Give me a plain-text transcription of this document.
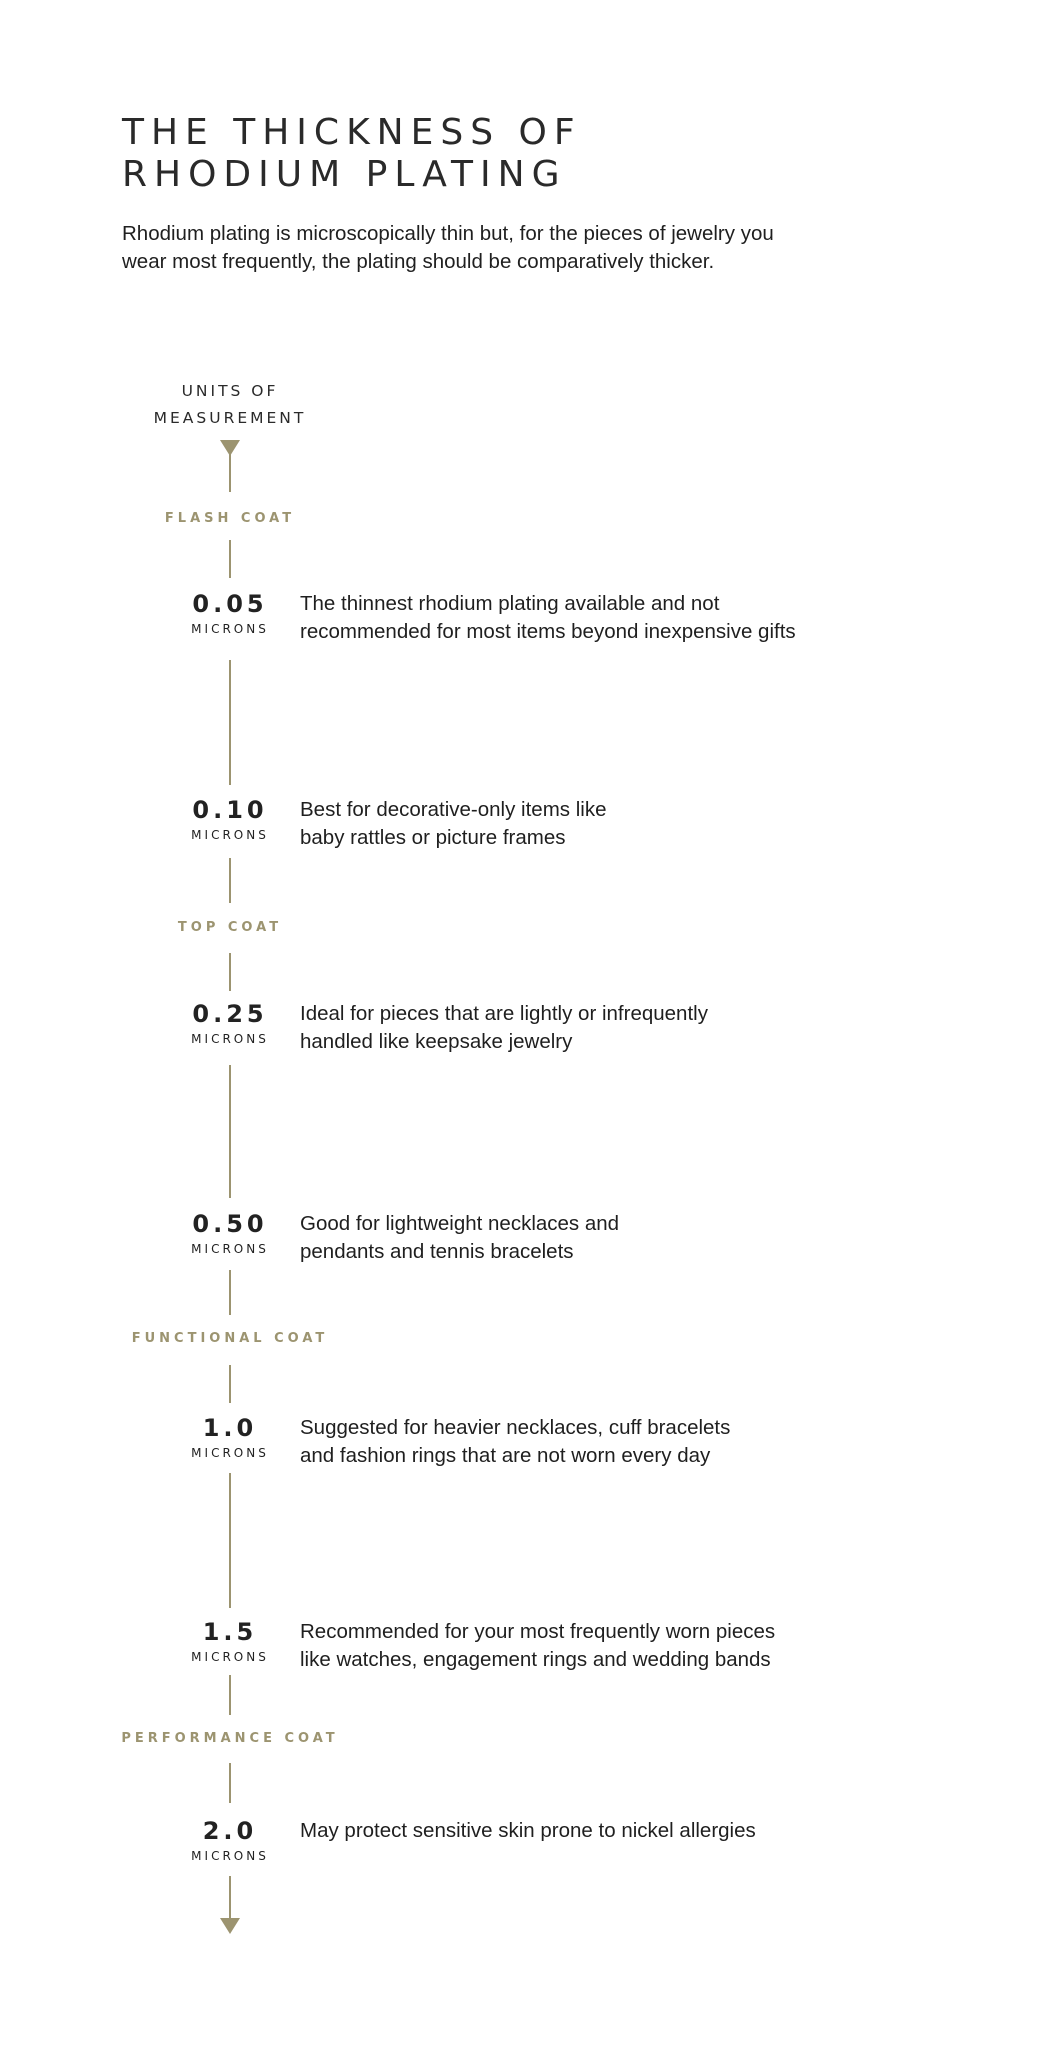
THE THICKNESS OF
RHODIUM PLATING

Rhodium plating is microscopically thin but, for the pieces of jewelry you
wear most frequently, the plating should be comparatively thicker.

UNITS OF
MEASUREMENT
FLASH COAT
0.05
MICRONS
The thinnest rhodium plating available and not
recommended for most items beyond inexpensive gifts
0.10
MICRONS
Best for decorative-only items like
baby rattles or picture frames
TOP COAT
0.25
MICRONS
Ideal for pieces that are lightly or infrequently
handled like keepsake jewelry
0.50
MICRONS
Good for lightweight necklaces and
pendants and tennis bracelets
FUNCTIONAL COAT
1.0
MICRONS
Suggested for heavier necklaces, cuff bracelets
and fashion rings that are not worn every day
1.5
MICRONS
Recommended for your most frequently worn pieces
like watches, engagement rings and wedding bands
PERFORMANCE COAT
2.0
MICRONS
May protect sensitive skin prone to nickel allergies
